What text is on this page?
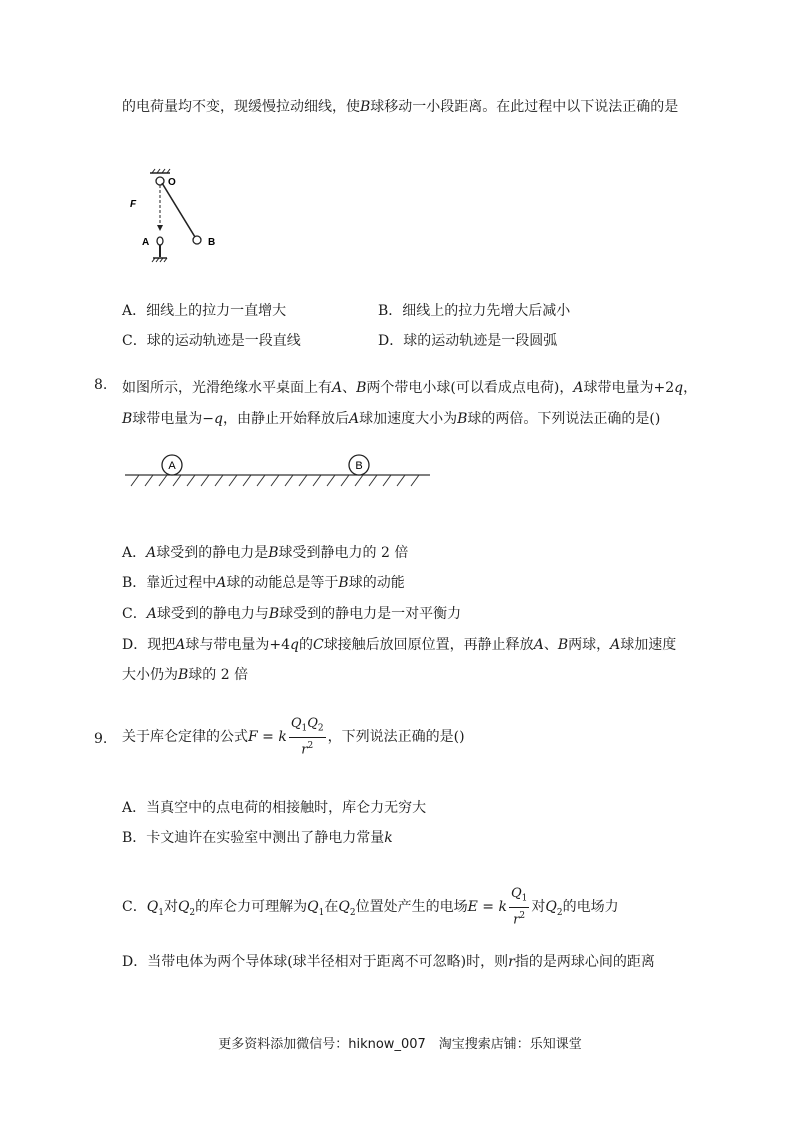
的电荷量均不变，现缓慢拉动细线，使B球移动一小段距离。在此过程中以下说法正确的是
O
F
A	B
A．细线上的拉力一直增大	B．细线上的拉力先增大后减小
C．球的运动轨迹是一段直线	D．球的运动轨迹是一段圆弧
8. 如图所示，光滑绝缘水平桌面上有A、B两个带电小球(可以看成点电荷)，A球带电量为+2q，
B球带电量为−q，由静止开始释放后A球加速度大小为B球的两倍。下列说法正确的是()
A	B
A．A球受到的静电力是B球受到静电力的 2 倍
B．靠近过程中A球的动能总是等于B球的动能
C．A球受到的静电力与B球受到的静电力是一对平衡力
D．现把A球与带电量为+4q的C球接触后放回原位置，再静止释放A、B两球，A球加速度
大小仍为B球的 2 倍
9. 关于库仑定律的公式F = k $\frac{Q_1Q_2}{r^2}$ ，下列说法正确的是()
A．当真空中的点电荷的相接触时，库仑力无穷大
B．卡文迪许在实验室中测出了静电力常量k
C．$Q_1$对$Q_2$的库仑力可理解为$Q_1$在$Q_2$位置处产生的电场E = k $\frac{Q_1}{r^2}$ 对$Q_2$的电场力
D．当带电体为两个导体球(球半径相对于距离不可忽略)时，则r指的是两球心间的距离
更多资料添加微信号：hiknow_007　淘宝搜索店铺：乐知课堂
